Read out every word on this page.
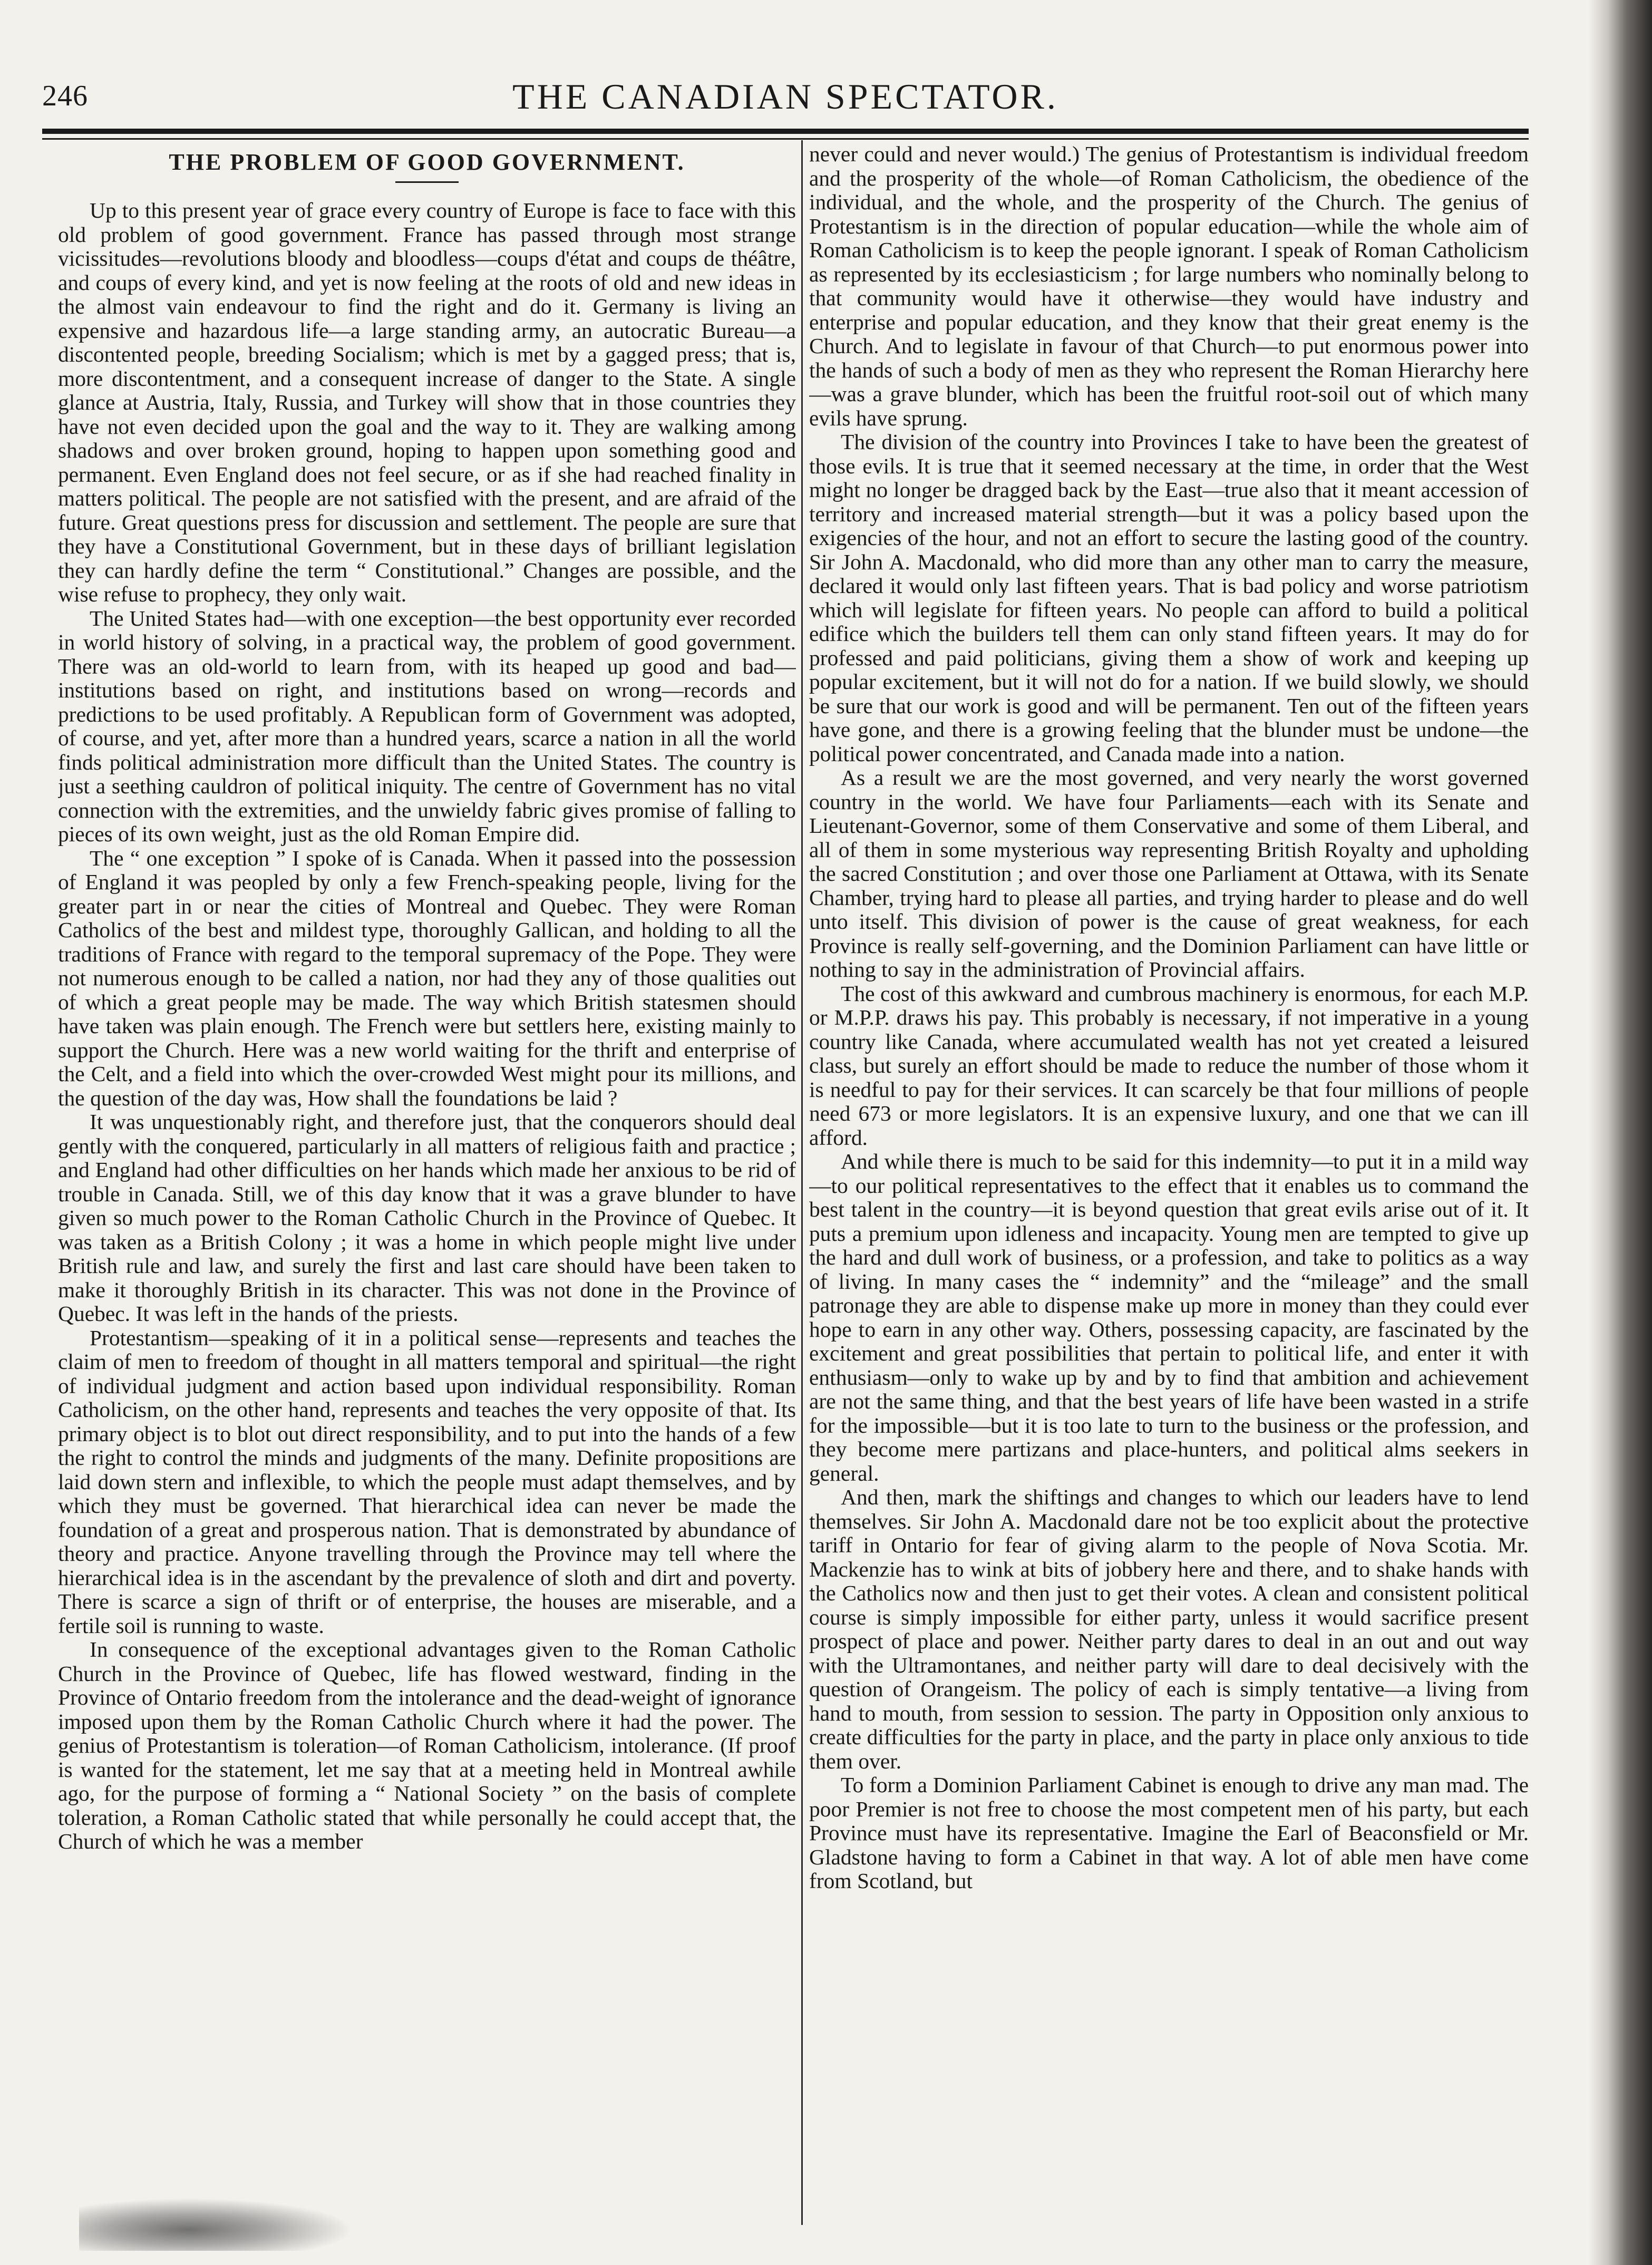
246	THE CANADIAN SPECTATOR.
THE PROBLEM OF GOOD GOVERNMENT.

Up to this present year of grace every country of Europe is face to face with this old problem of good government. France has passed through most strange vicissitudes—revolutions bloody and bloodless—coups d'état and coups de théâtre, and coups of every kind, and yet is now feeling at the roots of old and new ideas in the almost vain endeavour to find the right and do it. Germany is living an expensive and hazardous life—a large standing army, an autocratic Bureau—a discontented people, breeding Socialism; which is met by a gagged press; that is, more discontentment, and a consequent increase of danger to the State. A single glance at Austria, Italy, Russia, and Turkey will show that in those countries they have not even decided upon the goal and the way to it. They are walking among shadows and over broken ground, hoping to happen upon something good and permanent. Even England does not feel secure, or as if she had reached finality in matters political. The people are not satisfied with the present, and are afraid of the future. Great questions press for discussion and settlement. The people are sure that they have a Constitutional Government, but in these days of brilliant legislation they can hardly define the term “ Constitutional.” Changes are possible, and the wise refuse to prophecy, they only wait.

The United States had—with one exception—the best opportunity ever recorded in world history of solving, in a practical way, the problem of good government. There was an old-world to learn from, with its heaped up good and bad—institutions based on right, and institutions based on wrong—records and predictions to be used profitably. A Republican form of Government was adopted, of course, and yet, after more than a hundred years, scarce a nation in all the world finds political administration more difficult than the United States. The country is just a seething cauldron of political iniquity. The centre of Government has no vital connection with the extremities, and the unwieldy fabric gives promise of falling to pieces of its own weight, just as the old Roman Empire did.

The “ one exception ” I spoke of is Canada. When it passed into the possession of England it was peopled by only a few French-speaking people, living for the greater part in or near the cities of Montreal and Quebec. They were Roman Catholics of the best and mildest type, thoroughly Gallican, and holding to all the traditions of France with regard to the temporal supremacy of the Pope. They were not numerous enough to be called a nation, nor had they any of those qualities out of which a great people may be made. The way which British statesmen should have taken was plain enough. The French were but settlers here, existing mainly to support the Church. Here was a new world waiting for the thrift and enterprise of the Celt, and a field into which the over-crowded West might pour its millions, and the question of the day was, How shall the foundations be laid ?

It was unquestionably right, and therefore just, that the conquerors should deal gently with the conquered, particularly in all matters of religious faith and practice ; and England had other difficulties on her hands which made her anxious to be rid of trouble in Canada. Still, we of this day know that it was a grave blunder to have given so much power to the Roman Catholic Church in the Province of Quebec. It was taken as a British Colony ; it was a home in which people might live under British rule and law, and surely the first and last care should have been taken to make it thoroughly British in its character. This was not done in the Province of Quebec. It was left in the hands of the priests.

Protestantism—speaking of it in a political sense—represents and teaches the claim of men to freedom of thought in all matters temporal and spiritual—the right of individual judgment and action based upon individual responsibility. Roman Catholicism, on the other hand, represents and teaches the very opposite of that. Its primary object is to blot out direct responsibility, and to put into the hands of a few the right to control the minds and judgments of the many. Definite propositions are laid down stern and inflexible, to which the people must adapt themselves, and by which they must be governed. That hierarchical idea can never be made the foundation of a great and prosperous nation. That is demonstrated by abundance of theory and practice. Anyone travelling through the Province may tell where the hierarchical idea is in the ascendant by the prevalence of sloth and dirt and poverty. There is scarce a sign of thrift or of enterprise, the houses are miserable, and a fertile soil is running to waste.

In consequence of the exceptional advantages given to the Roman Catholic Church in the Province of Quebec, life has flowed westward, finding in the Province of Ontario freedom from the intolerance and the dead-weight of ignorance imposed upon them by the Roman Catholic Church where it had the power. The genius of Protestantism is toleration—of Roman Catholicism, intolerance. (If proof is wanted for the statement, let me say that at a meeting held in Montreal awhile ago, for the purpose of forming a “ National Society ” on the basis of complete toleration, a Roman Catholic stated that while personally he could accept that, the Church of which he was a member

never could and never would.) The genius of Protestantism is individual freedom and the prosperity of the whole—of Roman Catholicism, the obedience of the individual, and the whole, and the prosperity of the Church. The genius of Protestantism is in the direction of popular education—while the whole aim of Roman Catholicism is to keep the people ignorant. I speak of Roman Catholicism as represented by its ecclesiasticism ; for large numbers who nominally belong to that community would have it otherwise—they would have industry and enterprise and popular education, and they know that their great enemy is the Church. And to legislate in favour of that Church—to put enormous power into the hands of such a body of men as they who represent the Roman Hierarchy here—was a grave blunder, which has been the fruitful root-soil out of which many evils have sprung.

The division of the country into Provinces I take to have been the greatest of those evils. It is true that it seemed necessary at the time, in order that the West might no longer be dragged back by the East—true also that it meant accession of territory and increased material strength—but it was a policy based upon the exigencies of the hour, and not an effort to secure the lasting good of the country. Sir John A. Macdonald, who did more than any other man to carry the measure, declared it would only last fifteen years. That is bad policy and worse patriotism which will legislate for fifteen years. No people can afford to build a political edifice which the builders tell them can only stand fifteen years. It may do for professed and paid politicians, giving them a show of work and keeping up popular excitement, but it will not do for a nation. If we build slowly, we should be sure that our work is good and will be permanent. Ten out of the fifteen years have gone, and there is a growing feeling that the blunder must be undone—the political power concentrated, and Canada made into a nation.

As a result we are the most governed, and very nearly the worst governed country in the world. We have four Parliaments—each with its Senate and Lieutenant-Governor, some of them Conservative and some of them Liberal, and all of them in some mysterious way representing British Royalty and upholding the sacred Constitution ; and over those one Parliament at Ottawa, with its Senate Chamber, trying hard to please all parties, and trying harder to please and do well unto itself. This division of power is the cause of great weakness, for each Province is really self-governing, and the Dominion Parliament can have little or nothing to say in the administration of Provincial affairs.

The cost of this awkward and cumbrous machinery is enormous, for each M.P. or M.P.P. draws his pay. This probably is necessary, if not imperative in a young country like Canada, where accumulated wealth has not yet created a leisured class, but surely an effort should be made to reduce the number of those whom it is needful to pay for their services. It can scarcely be that four millions of people need 673 or more legislators. It is an expensive luxury, and one that we can ill afford.

And while there is much to be said for this indemnity—to put it in a mild way—to our political representatives to the effect that it enables us to command the best talent in the country—it is beyond question that great evils arise out of it. It puts a premium upon idleness and incapacity. Young men are tempted to give up the hard and dull work of business, or a profession, and take to politics as a way of living. In many cases the “ indemnity” and the “mileage” and the small patronage they are able to dispense make up more in money than they could ever hope to earn in any other way. Others, possessing capacity, are fascinated by the excitement and great possibilities that pertain to political life, and enter it with enthusiasm—only to wake up by and by to find that ambition and achievement are not the same thing, and that the best years of life have been wasted in a strife for the impossible—but it is too late to turn to the business or the profession, and they become mere partizans and place-hunters, and political alms seekers in general.

And then, mark the shiftings and changes to which our leaders have to lend themselves. Sir John A. Macdonald dare not be too explicit about the protective tariff in Ontario for fear of giving alarm to the people of Nova Scotia. Mr. Mackenzie has to wink at bits of jobbery here and there, and to shake hands with the Catholics now and then just to get their votes. A clean and consistent political course is simply impossible for either party, unless it would sacrifice present prospect of place and power. Neither party dares to deal in an out and out way with the Ultramontanes, and neither party will dare to deal decisively with the question of Orangeism. The policy of each is simply tentative—a living from hand to mouth, from session to session. The party in Opposition only anxious to create difficulties for the party in place, and the party in place only anxious to tide them over.

To form a Dominion Parliament Cabinet is enough to drive any man mad. The poor Premier is not free to choose the most competent men of his party, but each Province must have its representative. Imagine the Earl of Beaconsfield or Mr. Gladstone having to form a Cabinet in that way. A lot of able men have come from Scotland, but
